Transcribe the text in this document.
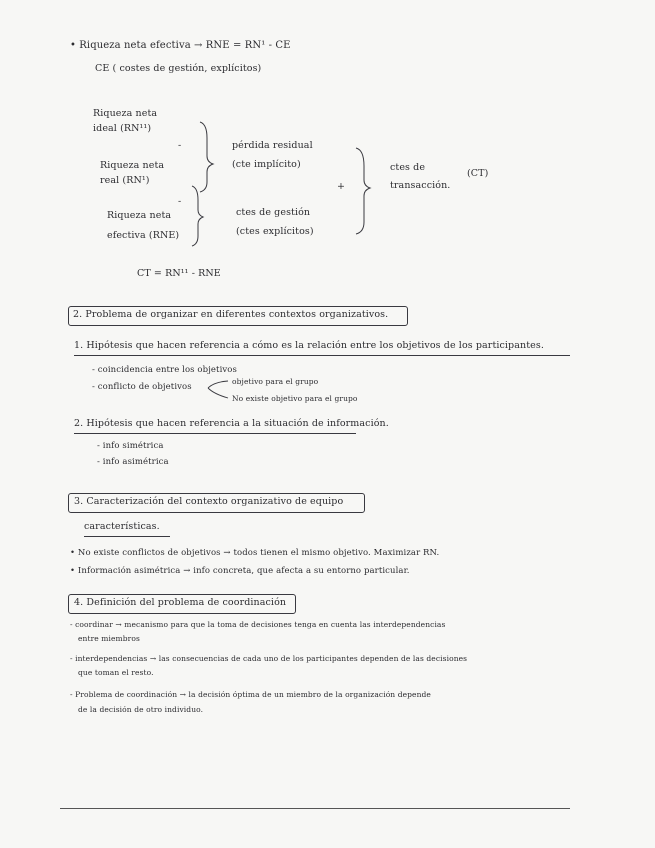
• Riqueza neta efectiva → RNE = RN¹ - CE
CE ( costes de gestión, explícitos)
Riqueza neta
ideal (RN¹¹)
-
Riqueza neta
real (RN¹)
pérdida residual
(cte implícito)
-
Riqueza neta
efectiva (RNE)
ctes de gestión
(ctes explícitos)
+
ctes de
transacción.
(CT)
CT = RN¹¹ - RNE
2. Problema de organizar en diferentes contextos organizativos.
1. Hipótesis que hacen referencia a cómo es la relación entre los objetivos de los participantes.
- coincidencia entre los objetivos
- conflicto de objetivos
objetivo para el grupo
No existe objetivo para el grupo
2. Hipótesis que hacen referencia a la situación de información.
- info simétrica
- info asimétrica
3. Caracterización del contexto organizativo de equipo
características.
• No existe conflictos de objetivos → todos tienen el mismo objetivo. Maximizar RN.
• Información asimétrica → info concreta, que afecta a su entorno particular.
4. Definición del problema de coordinación
- coordinar → mecanismo para que la toma de decisiones tenga en cuenta las interdependencias
entre miembros
- interdependencias → las consecuencias de cada uno de los participantes dependen de las decisiones
que toman el resto.
- Problema de coordinación → la decisión óptima de un miembro de la organización depende
de la decisión de otro individuo.
